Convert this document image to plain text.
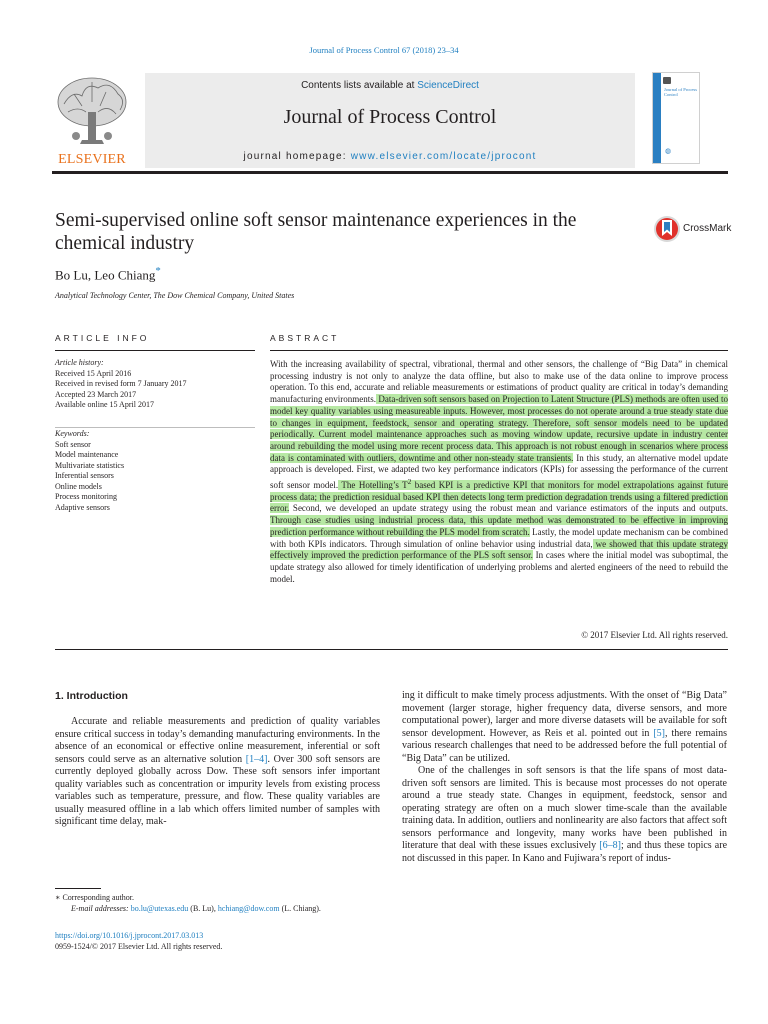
Journal of Process Control 67 (2018) 23–34
ELSEVIER
Contents lists available at ScienceDirect
Journal of Process Control
journal homepage: www.elsevier.com/locate/jprocont
Journal of Process Control
◍
Semi-supervised online soft sensor maintenance experiences in the chemical industry
CrossMark
Bo Lu, Leo Chiang*
Analytical Technology Center, The Dow Chemical Company, United States
ARTICLE INFO	ABSTRACT
Article history:
Received 15 April 2016
Received in revised form 7 January 2017
Accepted 23 March 2017
Available online 15 April 2017
Keywords:
Soft sensor
Model maintenance
Multivariate statistics
Inferential sensors
Online models
Process monitoring
Adaptive sensors
With the increasing availability of spectral, vibrational, thermal and other sensors, the challenge of “Big Data” in chemical processing industry is not only to analyze the data offline, but also to make use of the data online to improve process operation. To this end, accurate and reliable measurements or estimations of product quality are critical in today’s demanding manufacturing environments. Data-driven soft sensors based on Projection to Latent Structure (PLS) methods are often used to model key quality variables using measureable inputs. However, most processes do not operate around a true steady state due to changes in equipment, feedstock, sensor and operating strategy. Therefore, soft sensor models need to be updated periodically. Current model maintenance approaches such as moving window update, recursive update in industry center around rebuilding the model using more recent process data. This approach is not robust enough in scenarios where process data is contaminated with outliers, downtime and other non-steady state transients. In this study, an alternative model update approach is developed. First, we adapted two key performance indicators (KPIs) for assessing the performance of the current soft sensor model. The Hotelling’s $T^2$ based KPI is a predictive KPI that monitors for model extrapolations against future process data; the prediction residual based KPI then detects long term prediction degradation trends using a filtered prediction error. Second, we developed an update strategy using the robust mean and variance estimators of the inputs and outputs. Through case studies using industrial process data, this update method was demonstrated to be effective in improving prediction performance without rebuilding the PLS model from scratch. Lastly, the model update mechanism can be combined with both KPIs indicators. Through simulation of online behavior using industrial data, we showed that this update strategy effectively improved the prediction performance of the PLS soft sensor. In cases where the initial model was suboptimal, the update strategy also allowed for timely identification of underlying problems and alerted engineers of the need to rebuild the model.
© 2017 Elsevier Ltd. All rights reserved.
1. Introduction

Accurate and reliable measurements and prediction of quality variables ensure critical success in today’s demanding manufacturing environments. In the absence of an economical or effective online measurement, inferential or soft sensors could serve as an alternative solution [1–4]. Over 300 soft sensors are currently deployed globally across Dow. These soft sensors infer important quality variables such as concentration or impurity levels from existing process variables such as temperature, pressure, and flow. These quality variables are usually measured offline in a lab which offers limited number of samples with significant time delay, mak-

ing it difficult to make timely process adjustments. With the onset of “Big Data” movement (larger storage, higher frequency data, diverse sensors, and more computational power), larger and more diverse datasets will be available for soft sensor development. However, as Reis et al. pointed out in [5], there remains various research challenges that need to be addressed before the full potential of “Big Data” can be utilized.

One of the challenges in soft sensors is that the life spans of most data-driven soft sensors are limited. This is because most processes do not operate around a true steady state. Changes in equipment, feedstock, sensor and operating strategy are often on a much slower time-scale than the available training data. In addition, outliers and nonlinearity are also factors that affect soft sensors performance and longevity, many works have been published in literature that deal with these issues exclusively [6–8]; and thus these topics are not discussed in this paper. In Kano and Fujiwara’s report of indus-

∗ Corresponding author.
E-mail addresses: bo.lu@utexas.edu (B. Lu), hchiang@dow.com (L. Chiang).
https://doi.org/10.1016/j.jprocont.2017.03.013
0959-1524/© 2017 Elsevier Ltd. All rights reserved.
